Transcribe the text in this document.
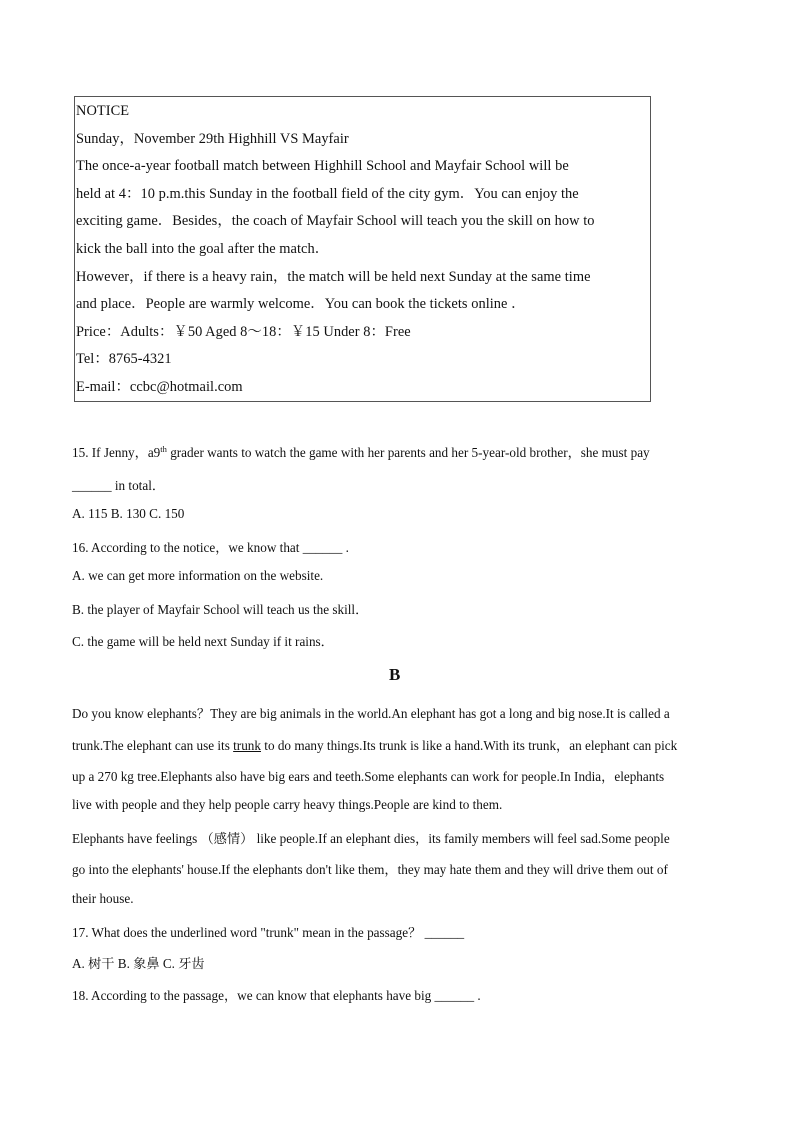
NOTICE
Sunday，November 29th Highhill VS Mayfair
The once-a-year football match between Highhill School and Mayfair School will be
held at 4：10 p.m.this Sunday in the football field of the city gym．You can enjoy the
exciting game．Besides，the coach of Mayfair School will teach you the skill on how to
kick the ball into the goal after the match．
However，if there is a heavy rain，the match will be held next Sunday at the same time
and place．People are warmly welcome．You can book the tickets online ．
Price：Adults：￥50 Aged 8～18：￥15 Under 8：Free
Tel：8765-4321
E-mail：ccbc@hotmail.com
15. If Jenny，a9th grader wants to watch the game with her parents and her 5-year-old brother，she must pay
______ in total．
A. 115 B. 130 C. 150
16. According to the notice，we know that ______ .
A. we can get more information on the website.
B. the player of Mayfair School will teach us the skill．
C. the game will be held next Sunday if it rains．
B
Do you know elephants？They are big animals in the world.An elephant has got a long and big nose.It is called a
trunk.The elephant can use its trunk to do many things.Its trunk is like a hand.With its trunk，an elephant can pick
up a 270 kg tree.Elephants also have big ears and teeth.Some elephants can work for people.In India，elephants
live with people and they help people carry heavy things.People are kind to them.
Elephants have feelings （感情） like people.If an elephant dies，its family members will feel sad.Some people
go into the elephants' house.If the elephants don't like them，they may hate them and they will drive them out of
their house.
17. What does the underlined word "trunk" mean in the passage？ ______
A. 树干 B. 象鼻 C. 牙齿
18. According to the passage，we can know that elephants have big ______ .
